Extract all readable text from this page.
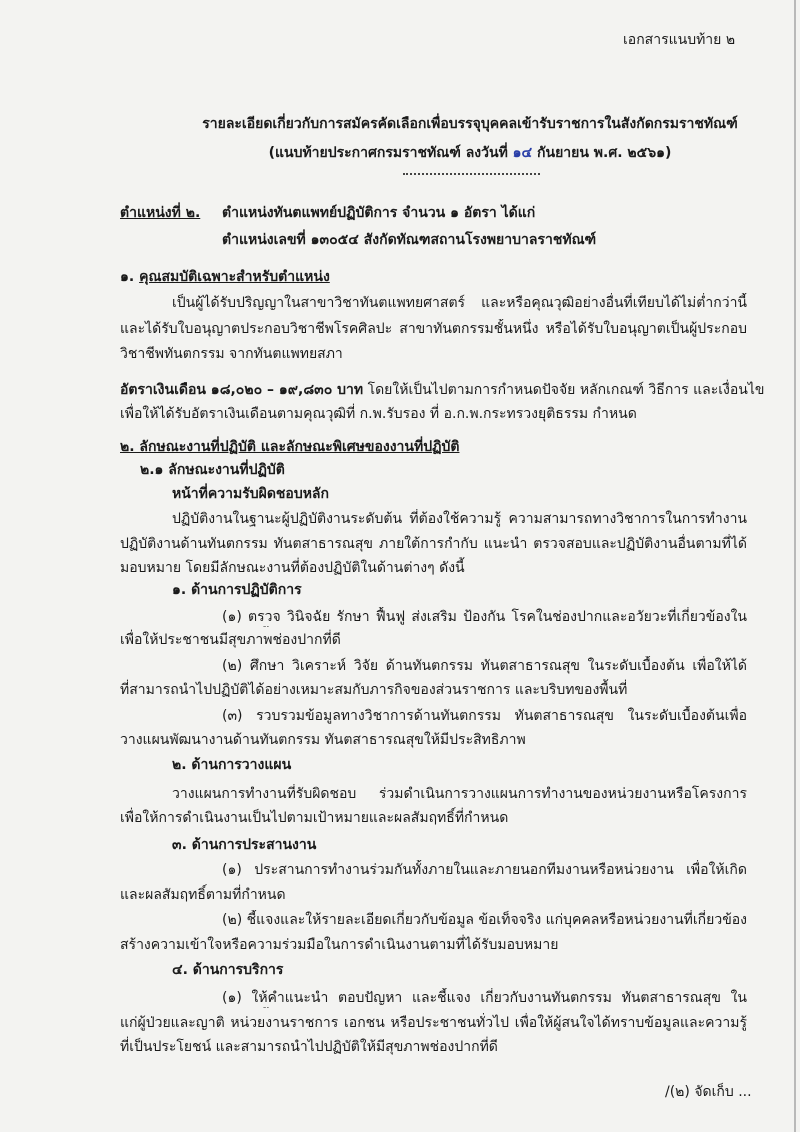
เอกสารแนบท้าย ๒
รายละเอียดเกี่ยวกับการสมัครคัดเลือกเพื่อบรรจุบุคคลเข้ารับราชการในสังกัดกรมราชทัณฑ์
(แนบท้ายประกาศกรมราชทัณฑ์ ลงวันที่ ๑๔ กันยายน พ.ศ. ๒๕๖๑)
ตำแหน่งที่ ๒. ตำแหน่งทันตแพทย์ปฏิบัติการ จำนวน ๑ อัตรา ได้แก่
ตำแหน่งเลขที่ ๑๓๐๕๔ สังกัดทัณฑสถานโรงพยาบาลราชทัณฑ์
๑. คุณสมบัติเฉพาะสำหรับตำแหน่ง
เป็นผู้ได้รับปริญญาในสาขาวิชาทันตแพทยศาสตร์ และหรือคุณวุฒิอย่างอื่นที่เทียบได้ไม่ต่ำกว่านี้
และได้รับใบอนุญาตประกอบวิชาชีพโรคศิลปะ สาขาทันตกรรมชั้นหนึ่ง หรือได้รับใบอนุญาตเป็นผู้ประกอบ
วิชาชีพทันตกรรม จากทันตแพทยสภา
อัตราเงินเดือน ๑๘,๐๒๐ – ๑๙,๘๓๐ บาท โดยให้เป็นไปตามการกำหนดปัจจัย หลักเกณฑ์ วิธีการ และเงื่อนไข
เพื่อให้ได้รับอัตราเงินเดือนตามคุณวุฒิที่ ก.พ.รับรอง ที่ อ.ก.พ.กระทรวงยุติธรรม กำหนด
๒. ลักษณะงานที่ปฏิบัติ และลักษณะพิเศษของงานที่ปฏิบัติ
๒.๑ ลักษณะงานที่ปฏิบัติ
หน้าที่ความรับผิดชอบหลัก
ปฏิบัติงานในฐานะผู้ปฏิบัติงานระดับต้น ที่ต้องใช้ความรู้ ความสามารถทางวิชาการในการทำงาน
ปฏิบัติงานด้านทันตกรรม ทันตสาธารณสุข ภายใต้การกำกับ แนะนำ ตรวจสอบและปฏิบัติงานอื่นตามที่ได้
มอบหมาย โดยมีลักษณะงานที่ต้องปฏิบัติในด้านต่างๆ ดังนี้
๑. ด้านการปฏิบัติการ
(๑) ตรวจ วินิจฉัย รักษา ฟื้นฟู ส่งเสริม ป้องกัน โรคในช่องปากและอวัยวะที่เกี่ยวข้องใน
เพื่อให้ประชาชนมีสุขภาพช่องปากที่ดี
(๒) ศึกษา วิเคราะห์ วิจัย ด้านทันตกรรม ทันตสาธารณสุข ในระดับเบื้องต้น เพื่อให้ได้
ที่สามารถนำไปปฏิบัติได้อย่างเหมาะสมกับภารกิจของส่วนราชการ และบริบทของพื้นที่
(๓) รวบรวมข้อมูลทางวิชาการด้านทันตกรรม ทันตสาธารณสุข ในระดับเบื้องต้นเพื่อ
วางแผนพัฒนางานด้านทันตกรรม ทันตสาธารณสุขให้มีประสิทธิภาพ
๒. ด้านการวางแผน
วางแผนการทำงานที่รับผิดชอบ ร่วมดำเนินการวางแผนการทำงานของหน่วยงานหรือโครงการ
เพื่อให้การดำเนินงานเป็นไปตามเป้าหมายและผลสัมฤทธิ์ที่กำหนด
๓. ด้านการประสานงาน
(๑) ประสานการทำงานร่วมกันทั้งภายในและภายนอกทีมงานหรือหน่วยงาน เพื่อให้เกิด
และผลสัมฤทธิ์ตามที่กำหนด
(๒) ชี้แจงและให้รายละเอียดเกี่ยวกับข้อมูล ข้อเท็จจริง แก่บุคคลหรือหน่วยงานที่เกี่ยวข้อง
สร้างความเข้าใจหรือความร่วมมือในการดำเนินงานตามที่ได้รับมอบหมาย
๔. ด้านการบริการ
(๑) ให้คำแนะนำ ตอบปัญหา และชี้แจง เกี่ยวกับงานทันตกรรม ทันตสาธารณสุข ใน
แก่ผู้ป่วยและญาติ หน่วยงานราชการ เอกชน หรือประชาชนทั่วไป เพื่อให้ผู้สนใจได้ทราบข้อมูลและความรู้
ที่เป็นประโยชน์ และสามารถนำไปปฏิบัติให้มีสุขภาพช่องปากที่ดี
/(๒) จัดเก็บ ...
